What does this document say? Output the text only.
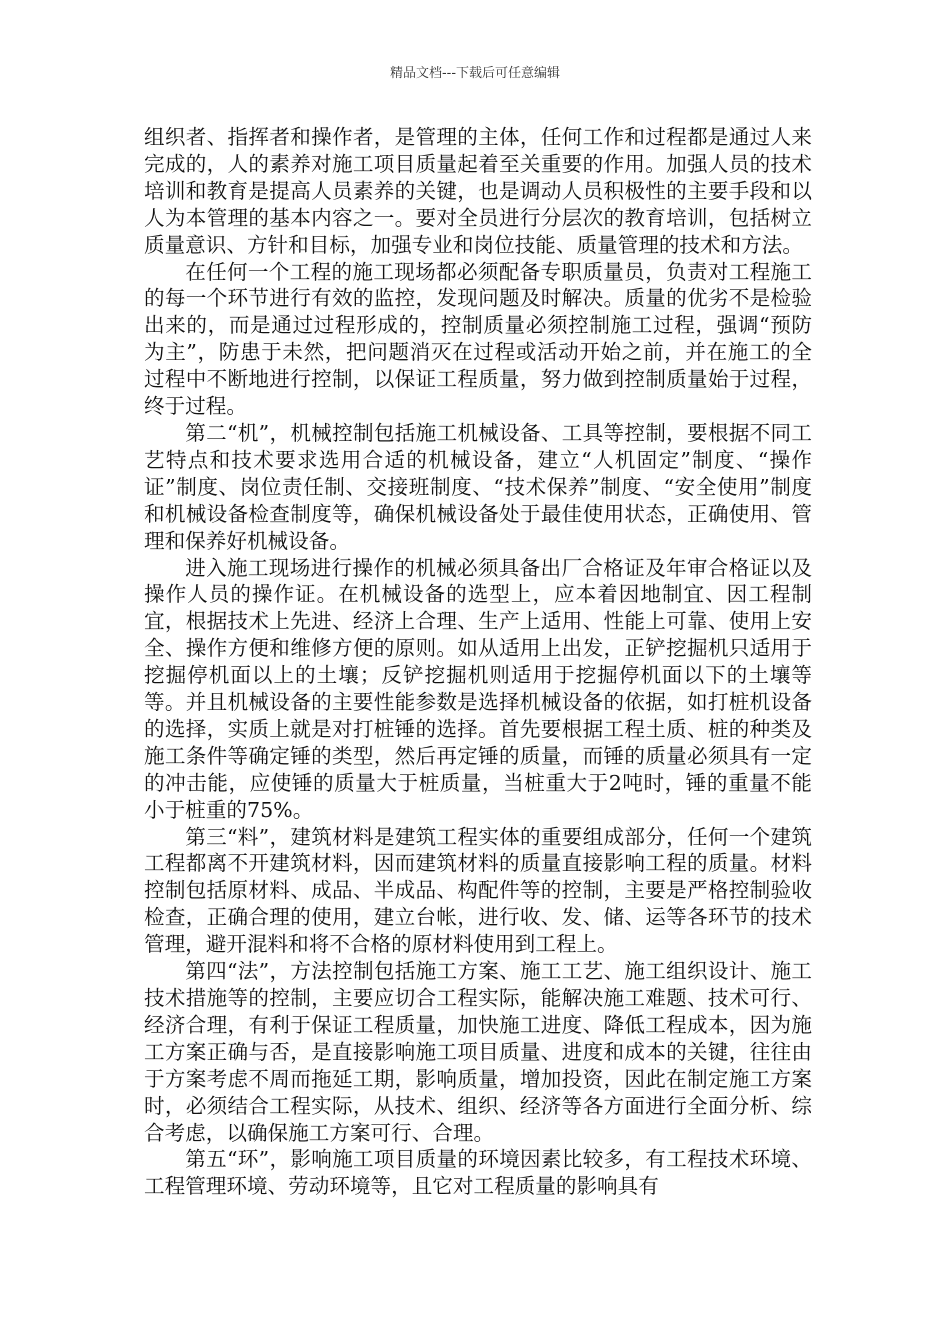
精品文档---下载后可任意编辑

组织者、指挥者和操作者，是管理的主体，任何工作和过程都是通过人来完成的，人的素养对施工项目质量起着至关重要的作用。加强人员的技术培训和教育是提高人员素养的关键，也是调动人员积极性的主要手段和以人为本管理的基本内容之一。要对全员进行分层次的教育培训，包括树立质量意识、方针和目标，加强专业和岗位技能、质量管理的技术和方法。

在任何一个工程的施工现场都必须配备专职质量员，负责对工程施工的每一个环节进行有效的监控，发现问题及时解决。质量的优劣不是检验出来的，而是通过过程形成的，控制质量必须控制施工过程，强调“预防为主”，防患于未然，把问题消灭在过程或活动开始之前，并在施工的全过程中不断地进行控制，以保证工程质量，努力做到控制质量始于过程，终于过程。

第二“机”，机械控制包括施工机械设备、工具等控制，要根据不同工艺特点和技术要求选用合适的机械设备，建立“人机固定”制度、“操作证”制度、岗位责任制、交接班制度、“技术保养”制度、“安全使用”制度和机械设备检查制度等，确保机械设备处于最佳使用状态，正确使用、管理和保养好机械设备。

进入施工现场进行操作的机械必须具备出厂合格证及年审合格证以及操作人员的操作证。在机械设备的选型上，应本着因地制宜、因工程制宜，根据技术上先进、经济上合理、生产上适用、性能上可靠、使用上安全、操作方便和维修方便的原则。如从适用上出发，正铲挖掘机只适用于挖掘停机面以上的土壤；反铲挖掘机则适用于挖掘停机面以下的土壤等等。并且机械设备的主要性能参数是选择机械设备的依据，如打桩机设备的选择，实质上就是对打桩锤的选择。首先要根据工程土质、桩的种类及施工条件等确定锤的类型，然后再定锤的质量，而锤的质量必须具有一定的冲击能，应使锤的质量大于桩质量，当桩重大于2吨时，锤的重量不能小于桩重的75%。

第三“料”，建筑材料是建筑工程实体的重要组成部分，任何一个建筑工程都离不开建筑材料，因而建筑材料的质量直接影响工程的质量。材料控制包括原材料、成品、半成品、构配件等的控制，主要是严格控制验收检查，正确合理的使用，建立台帐，进行收、发、储、运等各环节的技术管理，避开混料和将不合格的原材料使用到工程上。

第四“法”，方法控制包括施工方案、施工工艺、施工组织设计、施工技术措施等的控制，主要应切合工程实际，能解决施工难题、技术可行、经济合理，有利于保证工程质量，加快施工进度、降低工程成本，因为施工方案正确与否，是直接影响施工项目质量、进度和成本的关键，往往由于方案考虑不周而拖延工期，影响质量，增加投资，因此在制定施工方案时，必须结合工程实际，从技术、组织、经济等各方面进行全面分析、综合考虑，以确保施工方案可行、合理。

第五“环”，影响施工项目质量的环境因素比较多，有工程技术环境、工程管理环境、劳动环境等，且它对工程质量的影响具有
